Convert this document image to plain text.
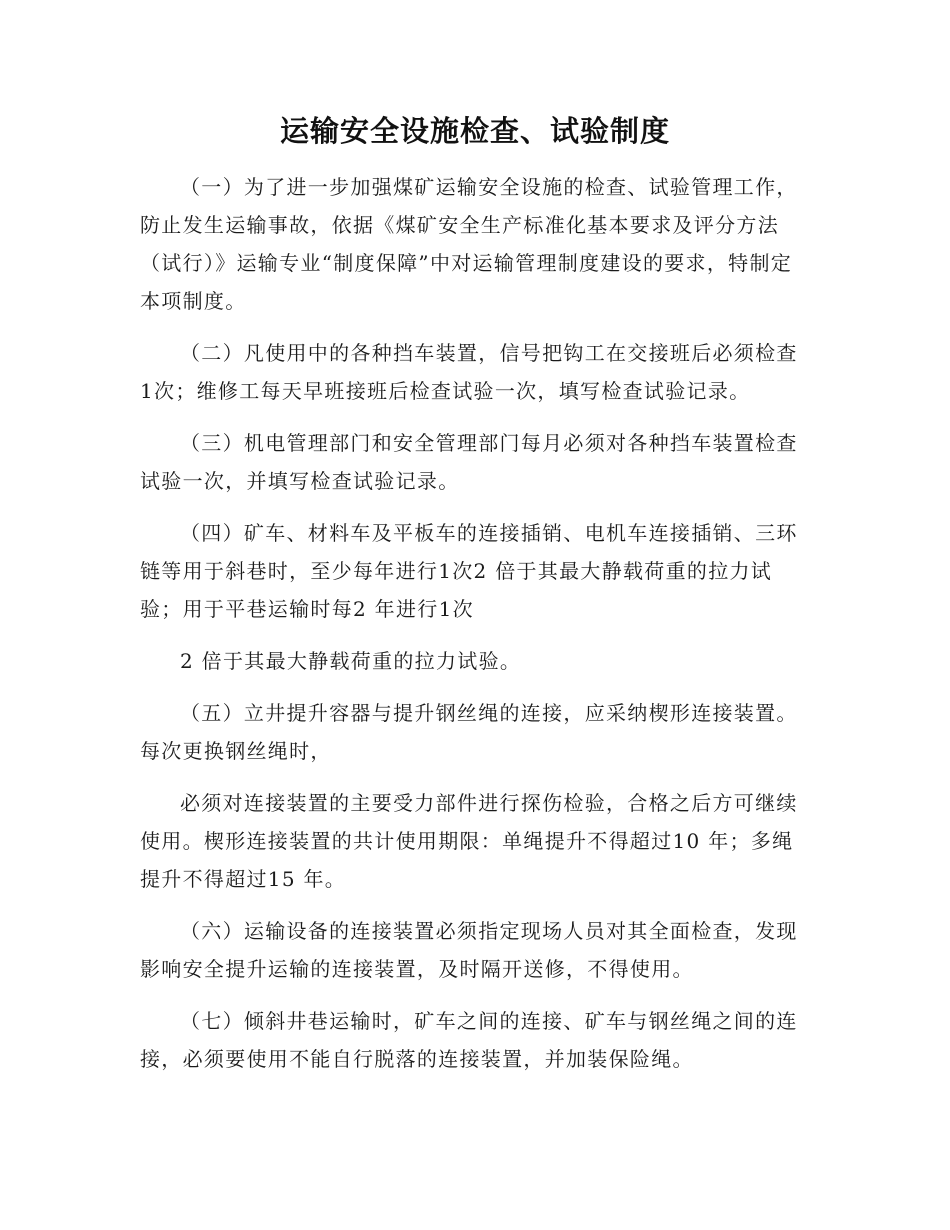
运输安全设施检查、试验制度

（一）为了进一步加强煤矿运输安全设施的检查、试验管理工作，防止发生运输事故，依据《煤矿安全生产标准化基本要求及评分方法（试行）》运输专业“制度保障”中对运输管理制度建设的要求，特制定本项制度。

（二）凡使用中的各种挡车装置，信号把钩工在交接班后必须检查1次；维修工每天早班接班后检查试验一次，填写检查试验记录。

（三）机电管理部门和安全管理部门每月必须对各种挡车装置检查试验一次，并填写检查试验记录。

（四）矿车、材料车及平板车的连接插销、电机车连接插销、三环链等用于斜巷时，至少每年进行1次2 倍于其最大静载荷重的拉力试验；用于平巷运输时每2 年进行1次

2 倍于其最大静载荷重的拉力试验。

（五）立井提升容器与提升钢丝绳的连接，应采纳楔形连接装置。每次更换钢丝绳时，

必须对连接装置的主要受力部件进行探伤检验，合格之后方可继续使用。楔形连接装置的共计使用期限：单绳提升不得超过10 年；多绳提升不得超过15 年。

（六）运输设备的连接装置必须指定现场人员对其全面检查，发现影响安全提升运输的连接装置，及时隔开送修，不得使用。

（七）倾斜井巷运输时，矿车之间的连接、矿车与钢丝绳之间的连接，必须要使用不能自行脱落的连接装置，并加装保险绳。
